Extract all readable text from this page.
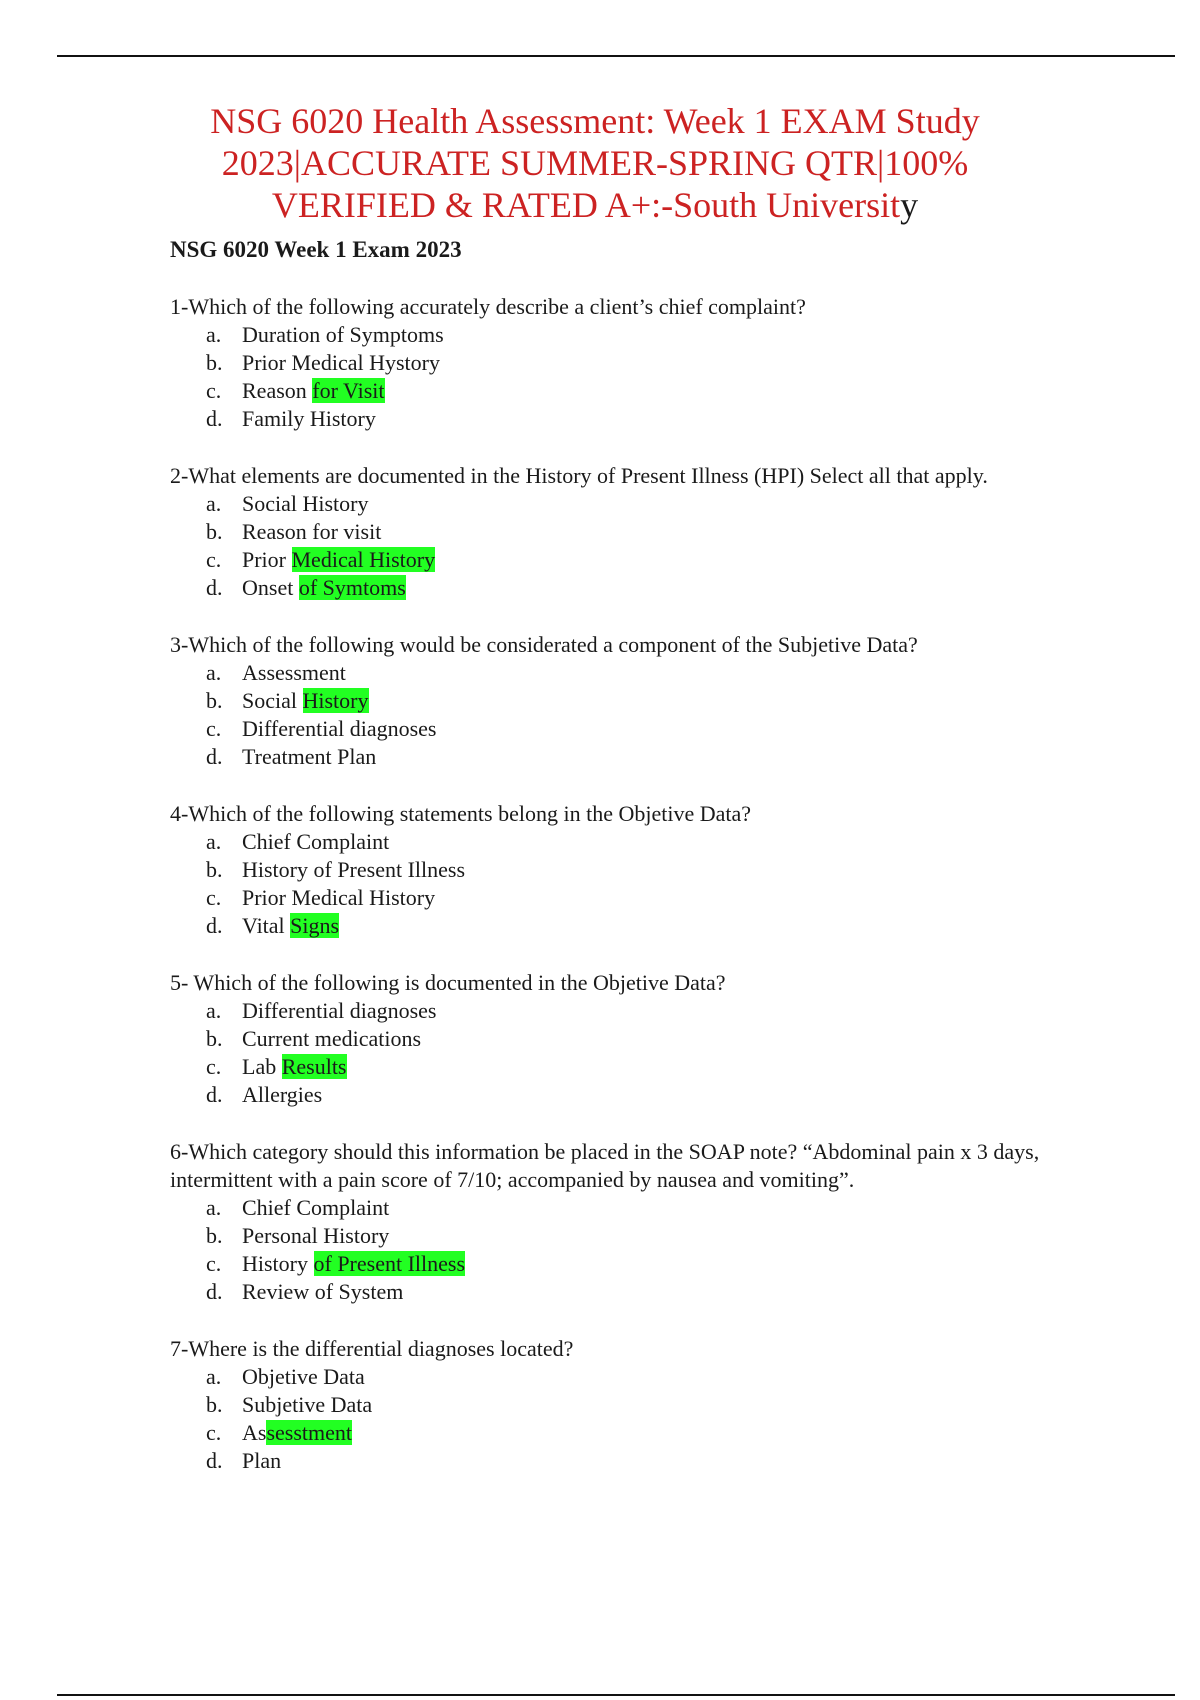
NSG 6020 Health Assessment: Week 1 EXAM Study
2023|ACCURATE SUMMER-SPRING QTR|100%
VERIFIED & RATED A+:-South University
NSG 6020 Week 1 Exam 2023
1-Which of the following accurately describe a client’s chief complaint?
a. Duration of Symptoms
b. Prior Medical Hystory
c. Reason for Visit
d. Family History
2-What elements are documented in the History of Present Illness (HPI) Select all that apply.
a. Social History
b. Reason for visit
c. Prior Medical History
d. Onset of Symtoms
3-Which of the following would be considerated a component of the Subjetive Data?
a. Assessment
b. Social History
c. Differential diagnoses
d. Treatment Plan
4-Which of the following statements belong in the Objetive Data?
a. Chief Complaint
b. History of Present Illness
c. Prior Medical History
d. Vital Signs
5- Which of the following is documented in the Objetive Data?
a. Differential diagnoses
b. Current medications
c. Lab Results
d. Allergies
6-Which category should this information be placed in the SOAP note? “Abdominal pain x 3 days, intermittent with a pain score of 7/10; accompanied by nausea and vomiting”.
a. Chief Complaint
b. Personal History
c. History of Present Illness
d. Review of System
7-Where is the differential diagnoses located?
a. Objetive Data
b. Subjetive Data
c. Assesstment
d. Plan
